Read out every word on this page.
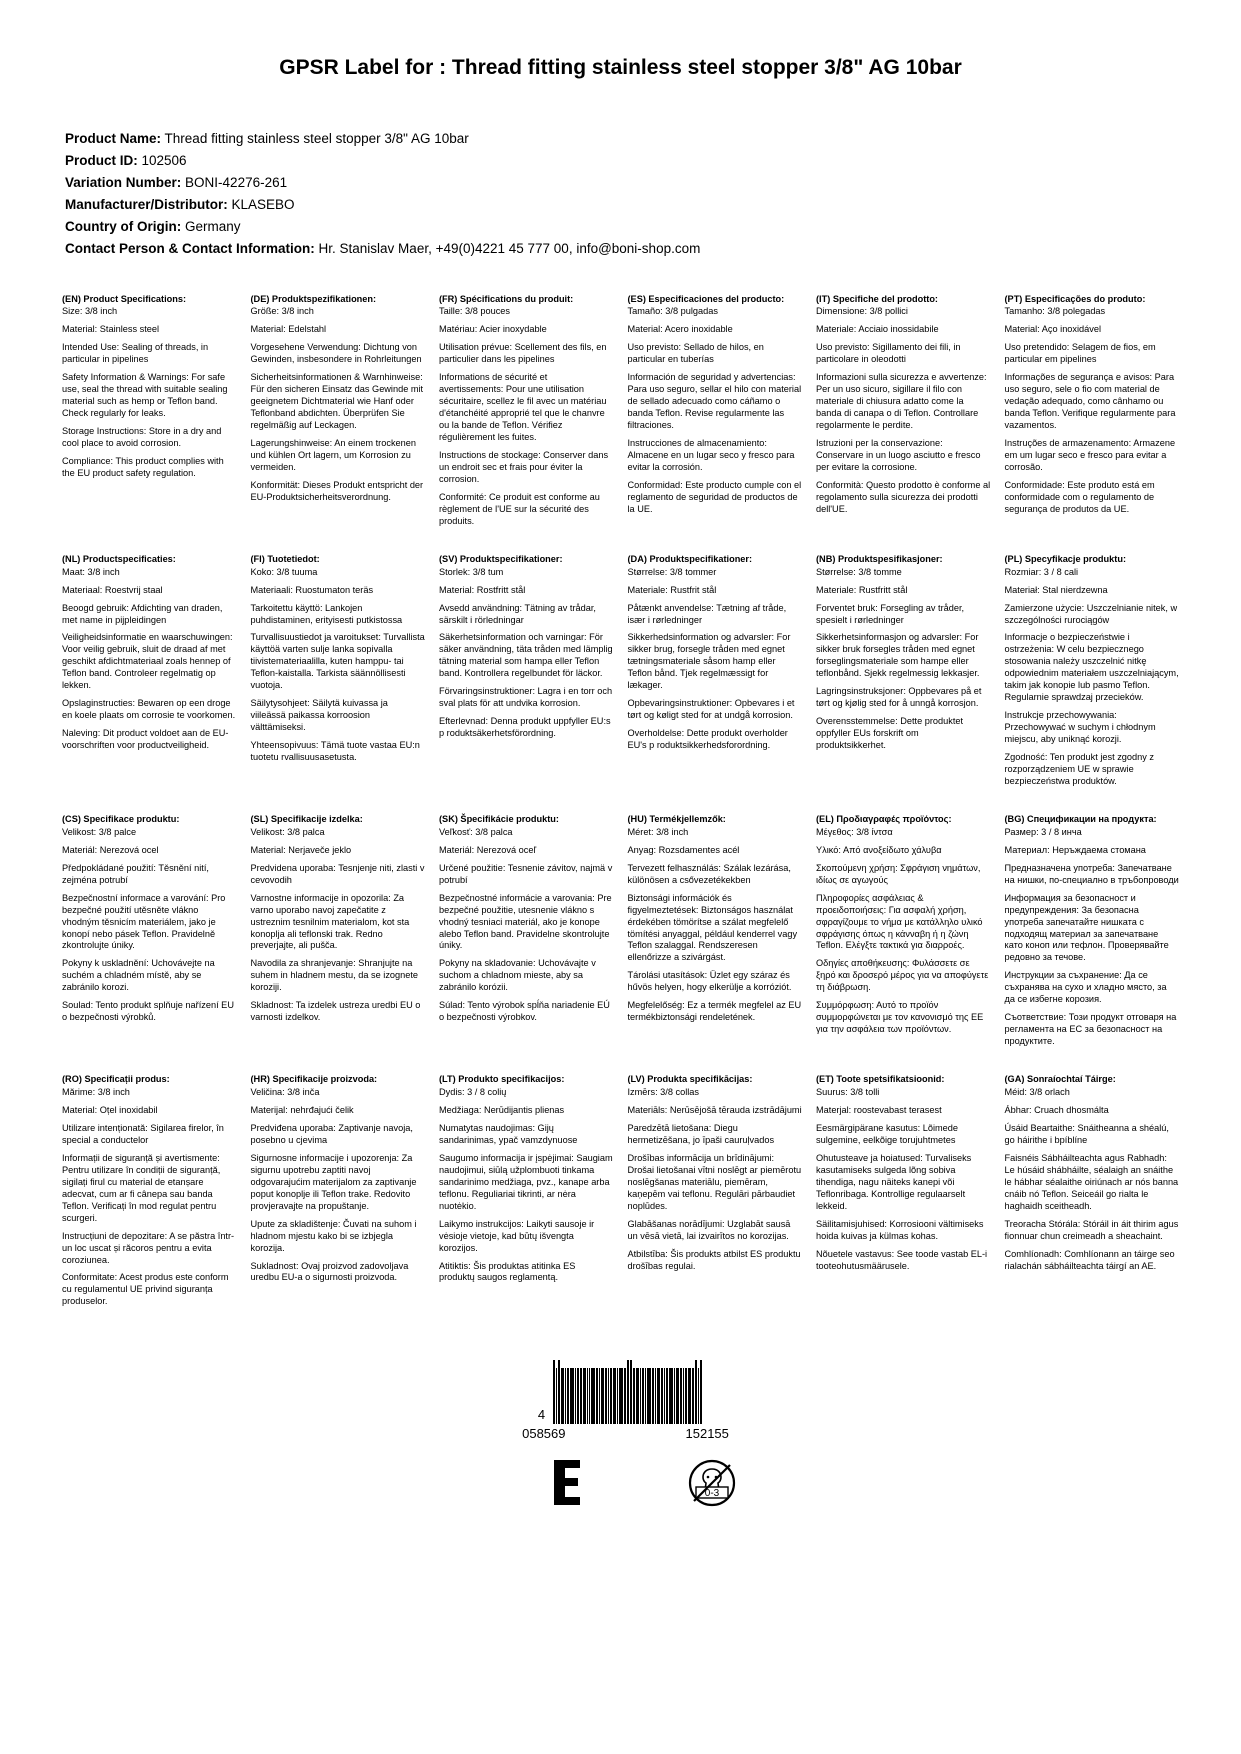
GPSR Label for : Thread fitting stainless steel stopper 3/8" AG 10bar
Product Name: Thread fitting stainless steel stopper 3/8" AG 10bar
Product ID: 102506
Variation Number: BONI-42276-261
Manufacturer/Distributor: KLASEBO
Country of Origin: Germany
Contact Person & Contact Information: Hr. Stanislav Maer, +49(0)4221 45 777 00, info@boni-shop.com
(EN) Product Specifications:

Size: 3/8 inch

Material: Stainless steel

Intended Use: Sealing of threads, in particular in pipelines

Safety Information & Warnings: For safe use, seal the thread with suitable sealing material such as hemp or Teflon band. Check regularly for leaks.

Storage Instructions: Store in a dry and cool place to avoid corrosion.

Compliance: This product complies with the EU product safety regulation.

(DE) Produktspezifikationen:

Größe: 3/8 inch

Material: Edelstahl

Vorgesehene Verwendung: Dichtung von Gewinden, insbesondere in Rohrleitungen

Sicherheitsinformationen & Warnhinweise: Für den sicheren Einsatz das Gewinde mit geeignetem Dichtmaterial wie Hanf oder Teflonband abdichten. Überprüfen Sie regelmäßig auf Leckagen.

Lagerungshinweise: An einem trockenen und kühlen Ort lagern, um Korrosion zu vermeiden.

Konformität: Dieses Produkt entspricht der EU-Produktsicherheitsverordnung.

(FR) Spécifications du produit:

Taille: 3/8 pouces

Matériau: Acier inoxydable

Utilisation prévue: Scellement des fils, en particulier dans les pipelines

Informations de sécurité et avertissements: Pour une utilisation sécuritaire, scellez le fil avec un matériau d'étanchéité approprié tel que le chanvre ou la bande de Teflon. Vérifiez régulièrement les fuites.

Instructions de stockage: Conserver dans un endroit sec et frais pour éviter la corrosion.

Conformité: Ce produit est conforme au règlement de l'UE sur la sécurité des produits.

(ES) Especificaciones del producto:

Tamaño: 3/8 pulgadas

Material: Acero inoxidable

Uso previsto: Sellado de hilos, en particular en tuberías

Información de seguridad y advertencias: Para uso seguro, sellar el hilo con material de sellado adecuado como cáñamo o banda Teflon. Revise regularmente las filtraciones.

Instrucciones de almacenamiento: Almacene en un lugar seco y fresco para evitar la corrosión.

Conformidad: Este producto cumple con el reglamento de seguridad de productos de la UE.

(IT) Specifiche del prodotto:

Dimensione: 3/8 pollici

Materiale: Acciaio inossidabile

Uso previsto: Sigillamento dei fili, in particolare in oleodotti

Informazioni sulla sicurezza e avvertenze: Per un uso sicuro, sigillare il filo con materiale di chiusura adatto come la banda di canapa o di Teflon. Controllare regolarmente le perdite.

Istruzioni per la conservazione: Conservare in un luogo asciutto e fresco per evitare la corrosione.

Conformità: Questo prodotto è conforme al regolamento sulla sicurezza dei prodotti dell'UE.

(PT) Especificações do produto:

Tamanho: 3/8 polegadas

Material: Aço inoxidável

Uso pretendido: Selagem de fios, em particular em pipelines

Informações de segurança e avisos: Para uso seguro, sele o fio com material de vedação adequado, como cânhamo ou banda Teflon. Verifique regularmente para vazamentos.

Instruções de armazenamento: Armazene em um lugar seco e fresco para evitar a corrosão.

Conformidade: Este produto está em conformidade com o regulamento de segurança de produtos da UE.

(NL) Productspecificaties:

Maat: 3/8 inch

Materiaal: Roestvrij staal

Beoogd gebruik: Afdichting van draden, met name in pijpleidingen

Veiligheidsinformatie en waarschuwingen: Voor veilig gebruik, sluit de draad af met geschikt afdichtmateriaal zoals hennep of Teflon band. Controleer regelmatig op lekken.

Opslaginstructies: Bewaren op een droge en koele plaats om corrosie te voorkomen.

Naleving: Dit product voldoet aan de EU-voorschriften voor productveiligheid.

(FI) Tuotetiedot:

Koko: 3/8 tuuma

Materiaali: Ruostumaton teräs

Tarkoitettu käyttö: Lankojen puhdistaminen, erityisesti putkistossa

Turvallisuustiedot ja varoitukset: Turvallista käyttöä varten sulje lanka sopivalla tiivistemateriaalilla, kuten hamppu- tai Teflon-kaistalla. Tarkista säännöllisesti vuotoja.

Säilytysohjeet: Säilytä kuivassa ja viileässä paikassa korroosion välttämiseksi.

Yhteensopivuus: Tämä tuote vastaa EU:n tuotetu rvallisuusasetusta.

(SV) Produktspecifikationer:

Storlek: 3/8 tum

Material: Rostfritt stål

Avsedd användning: Tätning av trådar, särskilt i rörledningar

Säkerhetsinformation och varningar: För säker användning, täta tråden med lämplig tätning material som hampa eller Teflon band. Kontrollera regelbundet för läckor.

Förvaringsinstruktioner: Lagra i en torr och sval plats för att undvika korrosion.

Efterlevnad: Denna produkt uppfyller EU:s p roduktsäkerhetsförordning.

(DA) Produktspecifikationer:

Størrelse: 3/8 tommer

Materiale: Rustfrit stål

Påtænkt anvendelse: Tætning af tråde, især i rørledninger

Sikkerhedsinformation og advarsler: For sikker brug, forsegle tråden med egnet tætningsmateriale såsom hamp eller Teflon bånd. Tjek regelmæssigt for lækager.

Opbevaringsinstruktioner: Opbevares i et tørt og køligt sted for at undgå korrosion.

Overholdelse: Dette produkt overholder EU's p roduktsikkerhedsforordning.

(NB) Produktspesifikasjoner:

Størrelse: 3/8 tomme

Materiale: Rustfritt stål

Forventet bruk: Forsegling av tråder, spesielt i rørledninger

Sikkerhetsinformasjon og advarsler: For sikker bruk forsegles tråden med egnet forseglingsmateriale som hampe eller teflonbånd. Sjekk regelmessig lekkasjer.

Lagringsinstruksjoner: Oppbevares på et tørt og kjølig sted for å unngå korrosjon.

Overensstemmelse: Dette produktet oppfyller EUs forskrift om produktsikkerhet.

(PL) Specyfikacje produktu:

Rozmiar: 3 / 8 cali

Materiał: Stal nierdzewna

Zamierzone użycie: Uszczelnianie nitek, w szczególności rurociągów

Informacje o bezpieczeństwie i ostrzeżenia: W celu bezpiecznego stosowania należy uszczelnić nitkę odpowiednim materiałem uszczelniającym, takim jak konopie lub pasmo Teflon. Regularnie sprawdzaj przecieków.

Instrukcje przechowywania: Przechowywać w suchym i chłodnym miejscu, aby uniknąć korozji.

Zgodność: Ten produkt jest zgodny z rozporządzeniem UE w sprawie bezpieczeństwa produktów.

(CS) Specifikace produktu:

Velikost: 3/8 palce

Materiál: Nerezová ocel

Předpokládané použití: Těsnění nití, zejména potrubí

Bezpečnostní informace a varování: Pro bezpečné použití utěsněte vlákno vhodným těsnicím materiálem, jako je konopí nebo pásek Teflon. Pravidelně zkontrolujte úniky.

Pokyny k uskladnění: Uchovávejte na suchém a chladném místě, aby se zabránilo korozi.

Soulad: Tento produkt splňuje nařízení EU o bezpečnosti výrobků.

(SL) Specifikacije izdelka:

Velikost: 3/8 palca

Material: Nerjaveče jeklo

Predvidena uporaba: Tesnjenje niti, zlasti v cevovodih

Varnostne informacije in opozorila: Za varno uporabo navoj zapečatite z ustreznim tesnilnim materialom, kot sta konoplja ali teflonski trak. Redno preverjajte, ali pušča.

Navodila za shranjevanje: Shranjujte na suhem in hladnem mestu, da se izognete koroziji.

Skladnost: Ta izdelek ustreza uredbi EU o varnosti izdelkov.

(SK) Špecifikácie produktu:

Veľkosť: 3/8 palca

Materiál: Nerezová oceľ

Určené použitie: Tesnenie závitov, najmä v potrubí

Bezpečnostné informácie a varovania: Pre bezpečné použitie, utesnenie vlákno s vhodný tesniaci materiál, ako je konope alebo Teflon band. Pravidelne skontrolujte úniky.

Pokyny na skladovanie: Uchovávajte v suchom a chladnom mieste, aby sa zabránilo korózii.

Súlad: Tento výrobok spĺňa nariadenie EÚ o bezpečnosti výrobkov.

(HU) Termékjellemzők:

Méret: 3/8 inch

Anyag: Rozsdamentes acél

Tervezett felhasználás: Szálak lezárása, különösen a csővezetékekben

Biztonsági információk és figyelmeztetések: Biztonságos használat érdekében tömörítse a szálat megfelelő tömítési anyaggal, például kenderrel vagy Teflon szalaggal. Rendszeresen ellenőrizze a szivárgást.

Tárolási utasítások: Üzlet egy száraz és hűvös helyen, hogy elkerülje a korróziót.

Megfelelőség: Ez a termék megfelel az EU termékbiztonsági rendeletének.

(EL) Προδιαγραφές προϊόντος:

Μέγεθος: 3/8 ίντσα

Υλικό: Από ανοξείδωτο χάλυβα

Σκοπούμενη χρήση: Σφράγιση νημάτων, ιδίως σε αγωγούς

Πληροφορίες ασφάλειας & προειδοποιήσεις: Για ασφαλή χρήση, σφραγίζουμε το νήμα με κατάλληλο υλικό σφράγισης όπως η κάνναβη ή η ζώνη Teflon. Ελέγξτε τακτικά για διαρροές.

Οδηγίες αποθήκευσης: Φυλάσσετε σε ξηρό και δροσερό μέρος για να αποφύγετε τη διάβρωση.

Συμμόρφωση: Αυτό το προϊόν συμμορφώνεται με τον κανονισμό της ΕΕ για την ασφάλεια των προϊόντων.

(BG) Спецификации на продукта:

Размер: 3 / 8 инча

Материал: Неръждаема стомана

Предназначена употреба: Запечатване на нишки, по-специално в тръбопроводи

Информация за безопасност и предупреждения: За безопасна употреба запечатайте нишката с подходящ материал за запечатване като коноп или тефлон. Проверявайте редовно за течове.

Инструкции за съхранение: Да се съхранява на сухо и хладно място, за да се избегне корозия.

Съответствие: Този продукт отговаря на регламента на ЕС за безопасност на продуктите.

(RO) Specificații produs:

Mărime: 3/8 inch

Material: Oțel inoxidabil

Utilizare intenționată: Sigilarea firelor, în special a conductelor

Informații de siguranță și avertismente: Pentru utilizare în condiții de siguranță, sigilați firul cu material de etanșare adecvat, cum ar fi cânepa sau banda Teflon. Verificați în mod regulat pentru scurgeri.

Instrucțiuni de depozitare: A se păstra într-un loc uscat și răcoros pentru a evita coroziunea.

Conformitate: Acest produs este conform cu regulamentul UE privind siguranța produselor.

(HR) Specifikacije proizvoda:

Veličina: 3/8 inča

Materijal: nehrđajući čelik

Predviđena uporaba: Zaptivanje navoja, posebno u cjevima

Sigurnosne informacije i upozorenja: Za sigurnu upotrebu zaptiti navoj odgovarajućim materijalom za zaptivanje poput konoplje ili Teflon trake. Redovito provjeravajte na propuštanje.

Upute za skladištenje: Čuvati na suhom i hladnom mjestu kako bi se izbjegla korozija.

Sukladnost: Ovaj proizvod zadovoljava uredbu EU-a o sigurnosti proizvoda.

(LT) Produkto specifikacijos:

Dydis: 3 / 8 colių

Medžiaga: Nerūdijantis plienas

Numatytas naudojimas: Gijų sandarinimas, ypač vamzdynuose

Saugumo informacija ir įspėjimai: Saugiam naudojimui, siūlą užplombuoti tinkama sandarinimo medžiaga, pvz., kanape arba teflonu. Reguliariai tikrinti, ar nėra nuotėkio.

Laikymo instrukcijos: Laikyti sausoje ir vėsioje vietoje, kad būtų išvengta korozijos.

Atitiktis: Šis produktas atitinka ES produktų saugos reglamentą.

(LV) Produkta specifikācijas:

Izmērs: 3/8 collas

Materiāls: Nerūsējošā tērauda izstrādājumi

Paredzētā lietošana: Diegu hermetizēšana, jo īpaši cauruļvados

Drošības informācija un brīdinājumi: Drošai lietošanai vītni noslēgt ar piemērotu noslēgšanas materiālu, piemēram, kaņepēm vai teflonu. Regulāri pārbaudiet noplūdes.

Glabāšanas norādījumi: Uzglabāt sausā un vēsā vietā, lai izvairītos no korozijas.

Atbilstība: Šis produkts atbilst ES produktu drošības regulai.

(ET) Toote spetsifikatsioonid:

Suurus: 3/8 tolli

Materjal: roostevabast terasest

Eesmärgipärane kasutus: Lõimede sulgemine, eelkõige torujuhtmetes

Ohutusteave ja hoiatused: Turvaliseks kasutamiseks sulgeda lõng sobiva tihendiga, nagu näiteks kanepi või Teflonribaga. Kontrollige regulaarselt lekkeid.

Säilitamisjuhised: Korrosiooni vältimiseks hoida kuivas ja külmas kohas.

Nõuetele vastavus: See toode vastab EL-i tooteohutusmäärusele.

(GA) Sonraíochtaí Táirge:

Méid: 3/8 orlach

Ábhar: Cruach dhosmálta

Úsáid Beartaithe: Snáitheanna a shéalú, go háirithe i bpíblíne

Faisnéis Sábháilteachta agus Rabhadh: Le húsáid shábháilte, séalaigh an snáithe le hábhar séalaithe oiriúnach ar nós banna cnáib nó Teflon. Seiceáil go rialta le haghaidh sceitheadh.

Treoracha Stórála: Stóráil in áit thirim agus fionnuar chun creimeadh a sheachaint.

Comhlíonadh: Comhlíonann an táirge seo rialachán sábháilteachta táirgí an AE.

4
058569	152155
0-3
